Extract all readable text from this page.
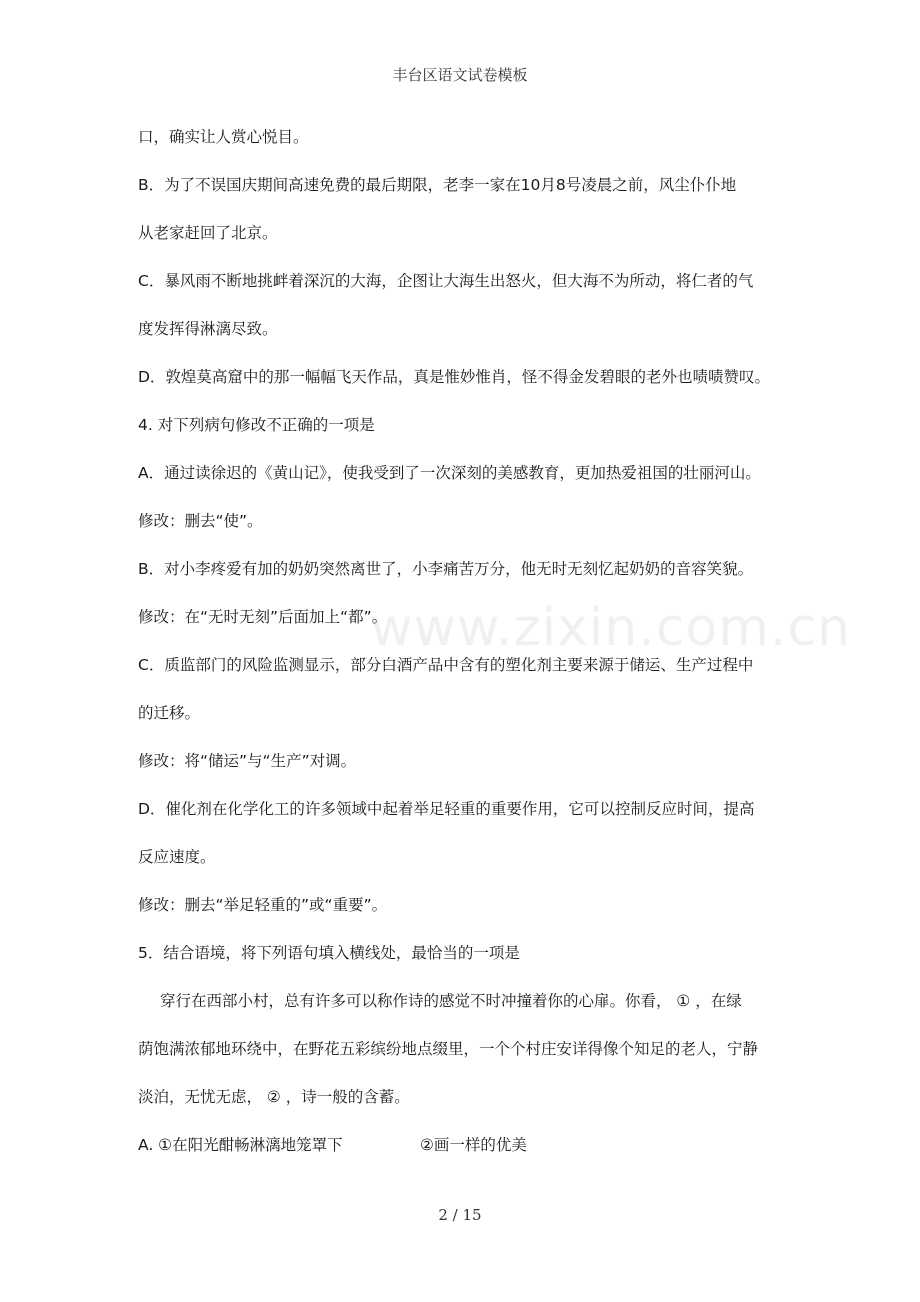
丰台区语文试卷模板
www.zixin.com.cn
口，确实让人赏心悦目。
B．为了不误国庆期间高速免费的最后期限，老李一家在10月8号凌晨之前，风尘仆仆地
从老家赶回了北京。
C．暴风雨不断地挑衅着深沉的大海，企图让大海生出怒火，但大海不为所动，将仁者的气
度发挥得淋漓尽致。
D．敦煌莫高窟中的那一幅幅飞天作品，真是惟妙惟肖，怪不得金发碧眼的老外也啧啧赞叹。
4. 对下列病句修改不正确的一项是
A．通过读徐迟的《黄山记》，使我受到了一次深刻的美感教育，更加热爱祖国的壮丽河山。
修改：删去“使”。
B．对小李疼爱有加的奶奶突然离世了，小李痛苦万分，他无时无刻忆起奶奶的音容笑貌。
修改：在“无时无刻”后面加上“都”。
C．质监部门的风险监测显示，部分白酒产品中含有的塑化剂主要来源于储运、生产过程中
的迁移。
修改：将“储运”与“生产”对调。
D．催化剂在化学化工的许多领域中起着举足轻重的重要作用，它可以控制反应时间，提高
反应速度。
修改：删去“举足轻重的”或“重要”。
5．结合语境，将下列语句填入横线处，最恰当的一项是
穿行在西部小村，总有许多可以称作诗的感觉不时冲撞着你的心扉。你看， ① ，在绿
荫饱满浓郁地环绕中，在野花五彩缤纷地点缀里，一个个村庄安详得像个知足的老人，宁静
淡泊，无忧无虑， ② ，诗一般的含蓄。
A. ①在阳光酣畅淋漓地笼罩下	②画一样的优美
2 / 15
